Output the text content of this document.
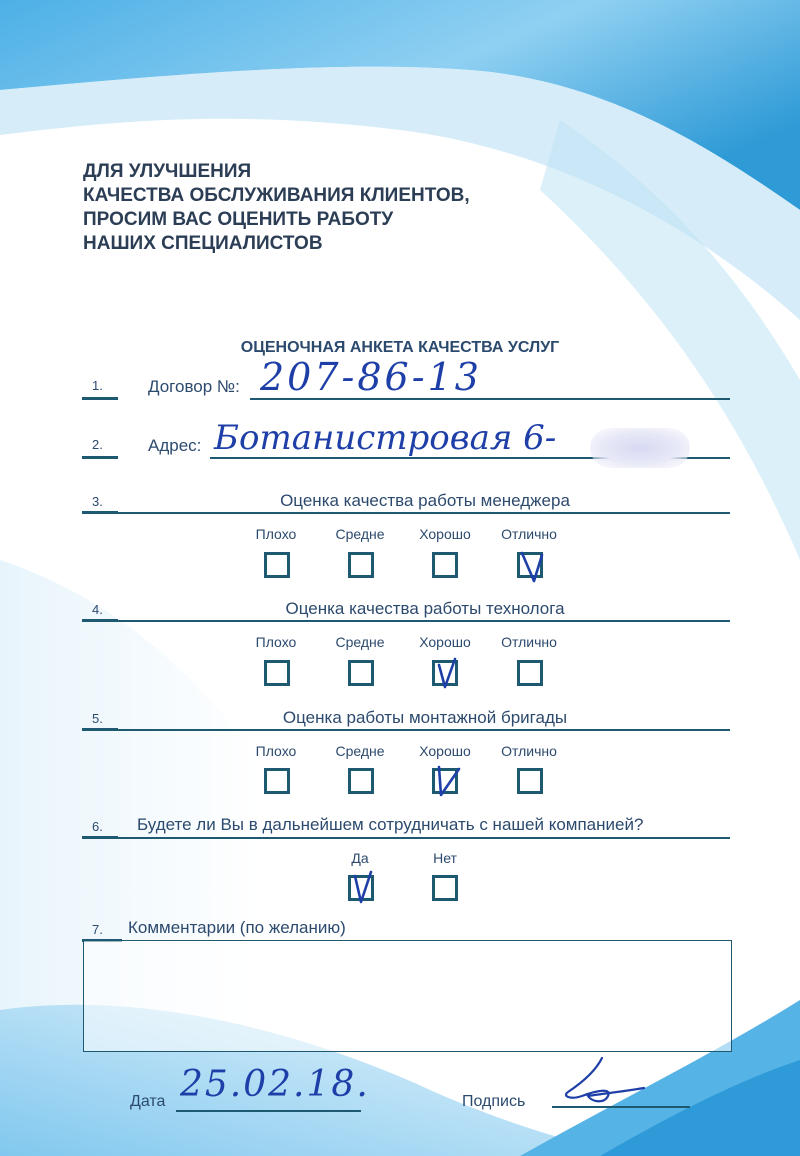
ДЛЯ УЛУЧШЕНИЯ
КАЧЕСТВА ОБСЛУЖИВАНИЯ КЛИЕНТОВ,
ПРОСИМ ВАС ОЦЕНИТЬ РАБОТУ
НАШИХ СПЕЦИАЛИСТОВ
ОЦЕНОЧНАЯ АНКЕТА КАЧЕСТВА УСЛУГ
1.	Договор №: 207-86-13
2.	Адрес: Ботанистровая 6-
3.	Оценка качества работы менеджера
Плохо	Средне	Хорошо	Отлично
4.	Оценка качества работы технолога
Плохо	Средне	Хорошо	Отлично
5.	Оценка работы монтажной бригады
Плохо	Средне	Хорошо	Отлично
6. Будете ли Вы в дальнейшем сотрудничать с нашей компанией?
Да	Нет
7. Комментарии (по желанию)
Дата 25.02.18.	Подпись
